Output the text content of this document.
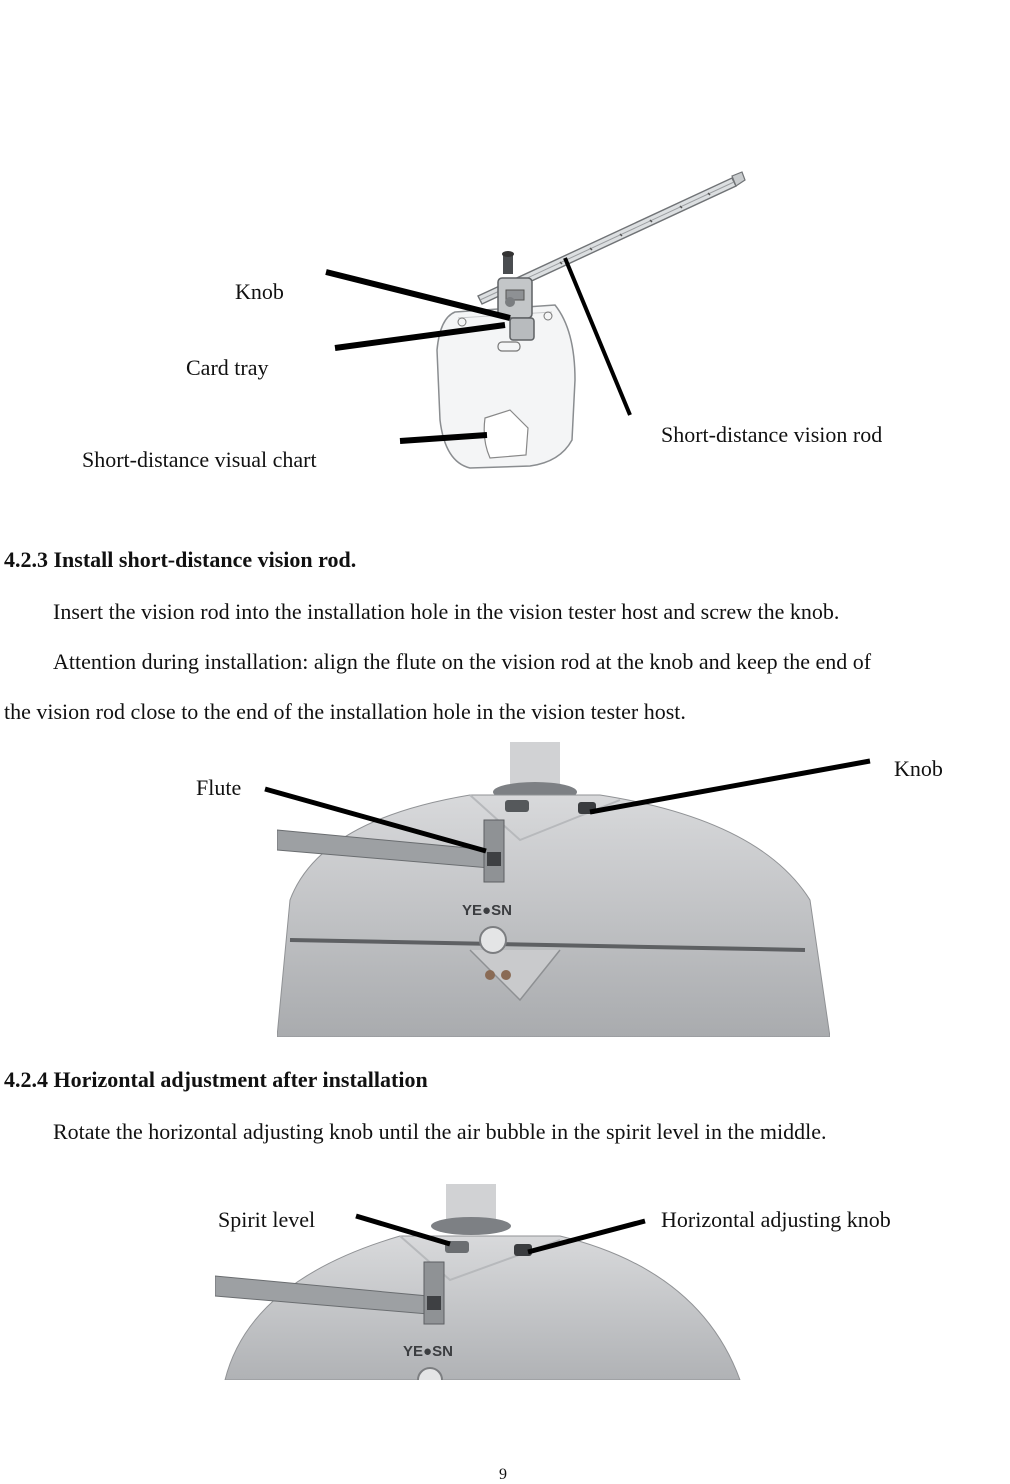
Knob
Card tray
Short-distance visual chart
Short-distance vision rod
4.2.3 Install short-distance vision rod.
Insert the vision rod into the installation hole in the vision tester host and screw the knob.
Attention during installation: align the flute on the vision rod at the knob and keep the end of
the vision rod close to the end of the installation hole in the vision tester host.
YE●SN
Flute
Knob
4.2.4 Horizontal adjustment after installation
Rotate the horizontal adjusting knob until the air bubble in the spirit level in the middle.
YE●SN
Spirit level	Horizontal adjusting knob
9
